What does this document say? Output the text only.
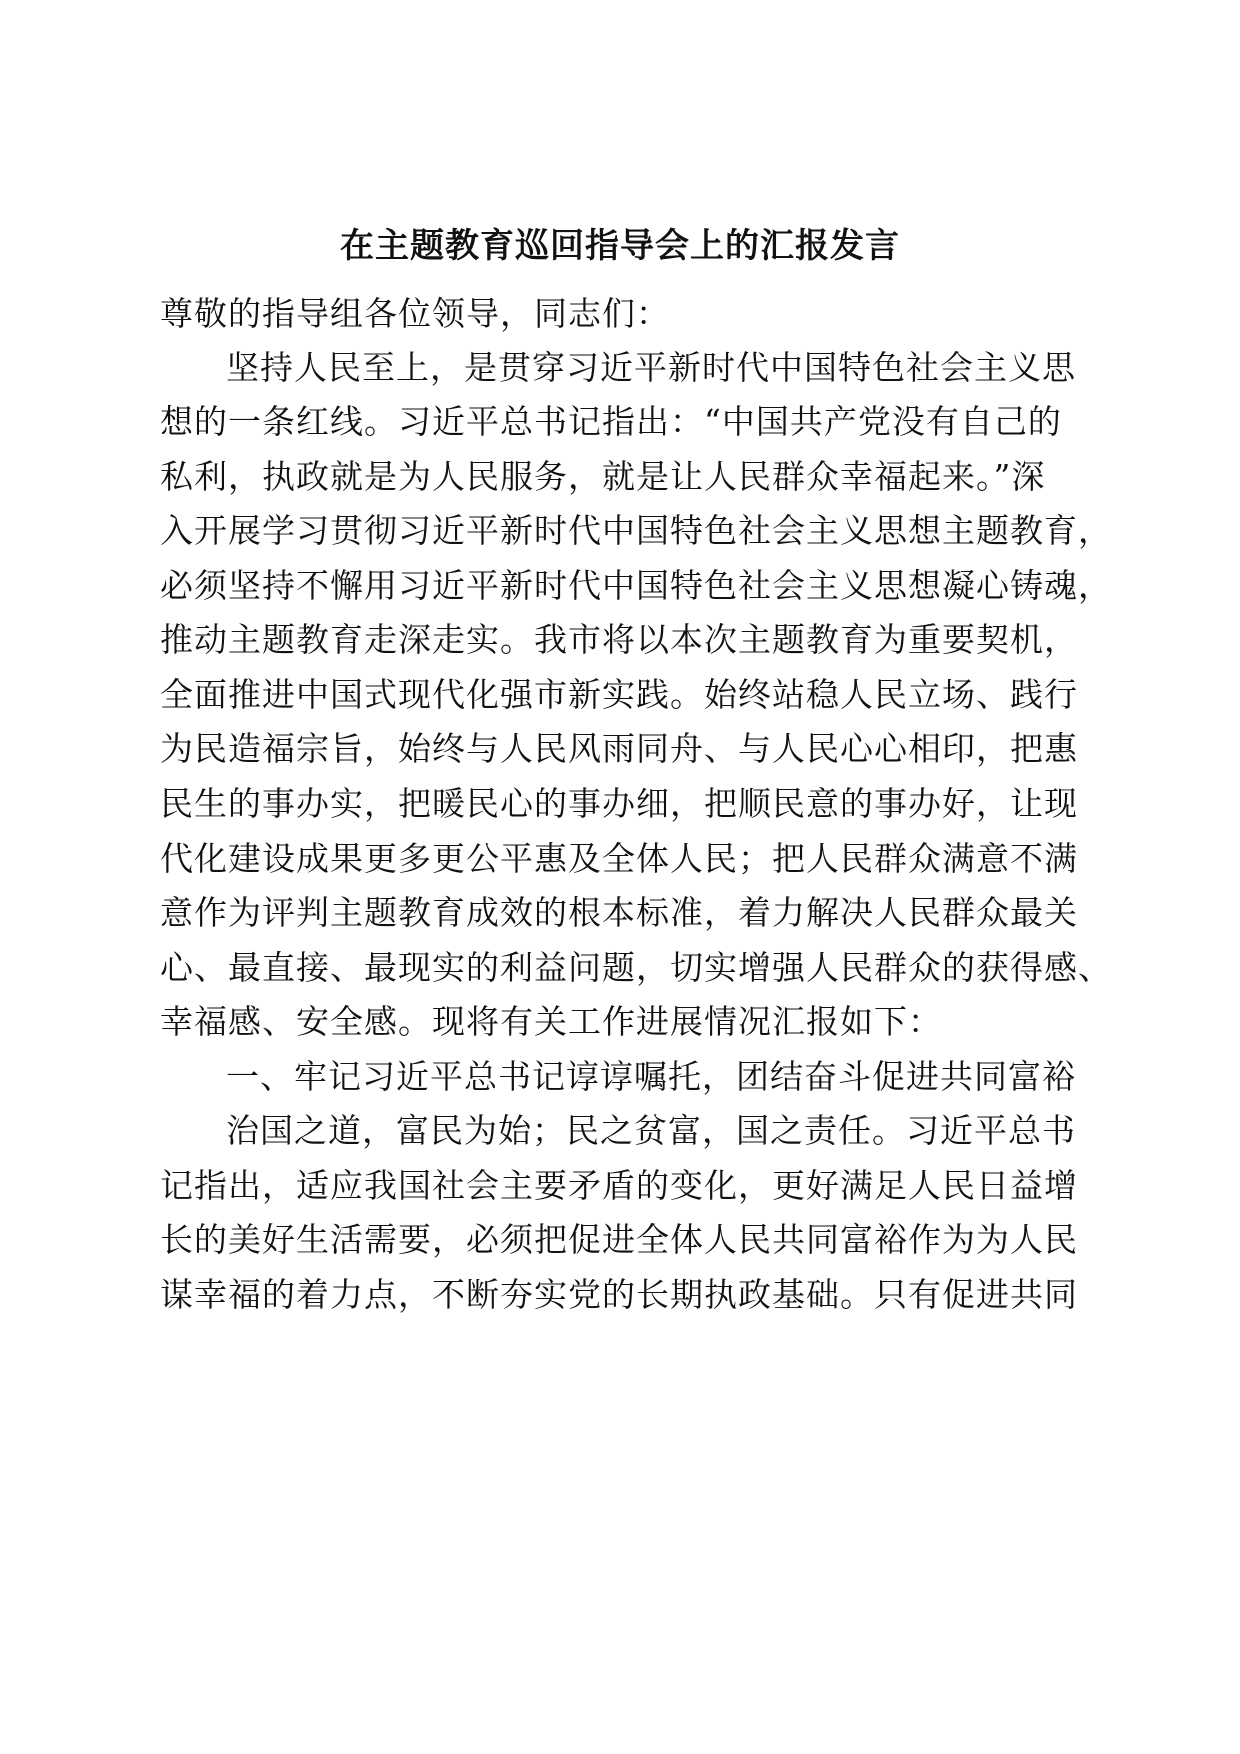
在主题教育巡回指导会上的汇报发言
尊敬的指导组各位领导，同志们：
坚持人民至上，是贯穿习近平新时代中国特色社会主义思
想的一条红线。习近平总书记指出：“中国共产党没有自己的
私利，执政就是为人民服务，就是让人民群众幸福起来。”深
入开展学习贯彻习近平新时代中国特色社会主义思想主题教育，
必须坚持不懈用习近平新时代中国特色社会主义思想凝心铸魂，
推动主题教育走深走实。我市将以本次主题教育为重要契机，
全面推进中国式现代化强市新实践。始终站稳人民立场、践行
为民造福宗旨，始终与人民风雨同舟、与人民心心相印，把惠
民生的事办实，把暖民心的事办细，把顺民意的事办好，让现
代化建设成果更多更公平惠及全体人民；把人民群众满意不满
意作为评判主题教育成效的根本标准，着力解决人民群众最关
心、最直接、最现实的利益问题，切实增强人民群众的获得感、
幸福感、安全感。现将有关工作进展情况汇报如下：
一、牢记习近平总书记谆谆嘱托，团结奋斗促进共同富裕
治国之道，富民为始；民之贫富，国之责任。习近平总书
记指出，适应我国社会主要矛盾的变化，更好满足人民日益增
长的美好生活需要，必须把促进全体人民共同富裕作为为人民
谋幸福的着力点，不断夯实党的长期执政基础。只有促进共同
